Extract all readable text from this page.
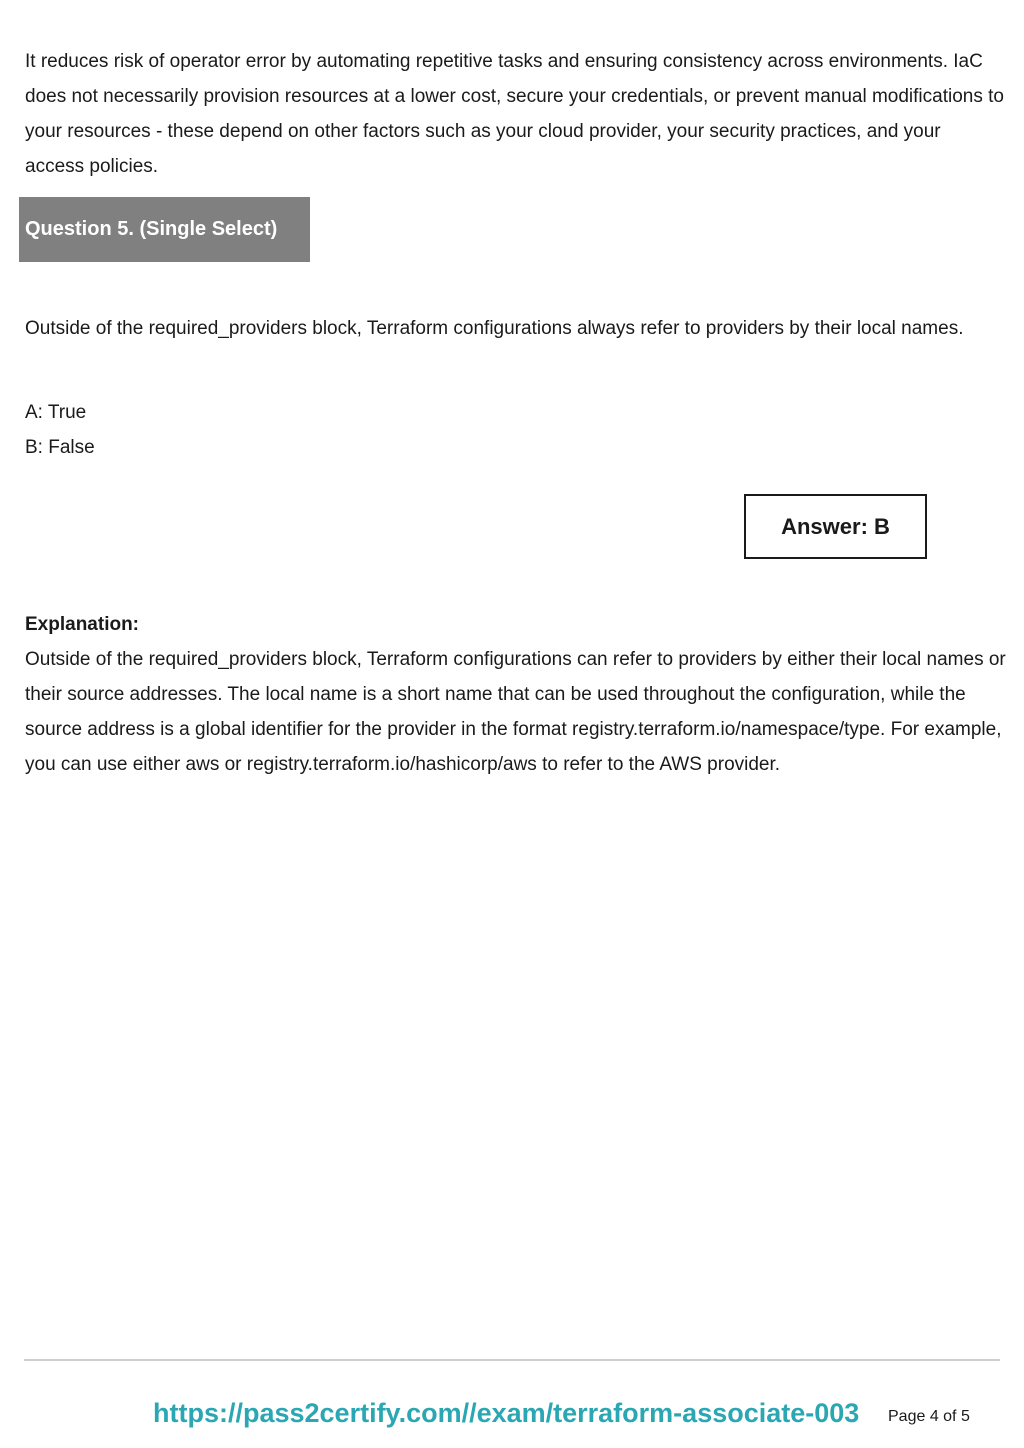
It reduces risk of operator error by automating repetitive tasks and ensuring consistency across environments. IaC does not necessarily provision resources at a lower cost, secure your credentials, or prevent manual modifications to your resources - these depend on other factors such as your cloud provider, your security practices, and your access policies.

Question 5. (Single Select)

Outside of the required_providers block, Terraform configurations always refer to providers by their local names.

A: True
B: False
Answer: B
Explanation:

Outside of the required_providers block, Terraform configurations can refer to providers by either their local names or their source addresses. The local name is a short name that can be used throughout the configuration, while the source address is a global identifier for the provider in the format registry.terraform.io/namespace/type. For example, you can use either aws or registry.terraform.io/hashicorp/aws to refer to the AWS provider.

https://pass2certify.com//exam/terraform-associate-003 Page 4 of 5
